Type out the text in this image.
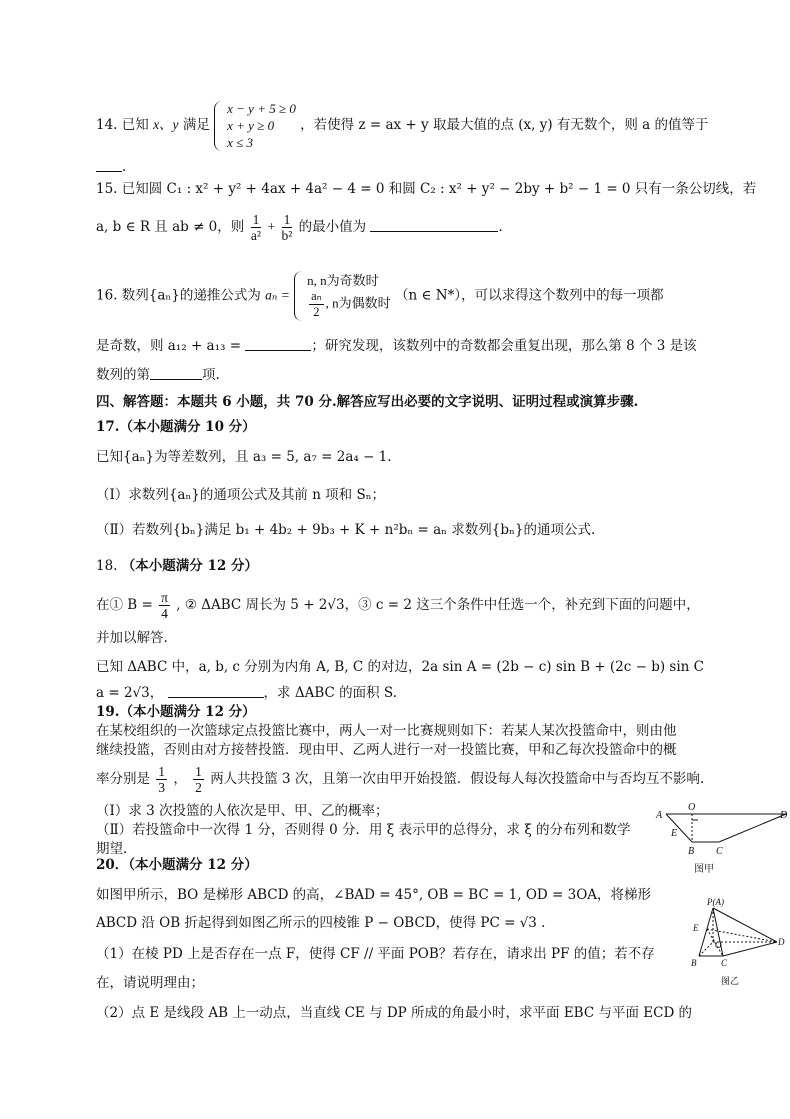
14. 已知 x、y 满足
x − y + 5 ≥ 0
x + y ≥ 0
x ≤ 3
，若使得 z = ax + y 取最大值的点 (x, y) 有无数个，则 a 的值等于
.
15. 已知圆 C₁ : x² + y² + 4ax + 4a² − 4 = 0 和圆 C₂ : x² + y² − 2by + b² − 1 = 0 只有一条公切线，若
a, b ∈ R 且 ab ≠ 0，则 $\frac{1}{\text{a²}} + \frac{1}{\text{b²}}$ 的最小值为	.
16. 数列{aₙ}的递推公式为 aₙ =
n, n为奇数时
$\frac{\text{aₙ}}{2}$ , n为偶数时 （n ∈ N*），可以求得这个数列中的每一项都
是奇数，则 a₁₂ + a₁₃ =	；研究发现，该数列中的奇数都会重复出现，那么第 8 个 3 是该
数列的第	项.
四、解答题：本题共 6 小题，共 70 分.解答应写出必要的文字说明、证明过程或演算步骤.
17.（本小题满分 10 分）
已知{aₙ}为等差数列，且 a₃ = 5, a₇ = 2a₄ − 1.
（Ⅰ）求数列{aₙ}的通项公式及其前 n 项和 Sₙ；
（Ⅱ）若数列{bₙ}满足 b₁ + 4b₂ + 9b₃ + K + n²bₙ = aₙ 求数列{bₙ}的通项公式.
18. （本小题满分 12 分）
在① $B = \frac{\pi}{4}$ , ② ΔABC 周长为 5 + 2√3，③ c = 2 这三个条件中任选一个，补充到下面的问题中，
并加以解答.
已知 ΔABC 中，a, b, c 分别为内角 A, B, C 的对边，2a sin A = (2b − c) sin B + (2c − b) sin C
a = 2√3，	，求 ΔABC 的面积 S.
19.（本小题满分 12 分）
在某校组织的一次篮球定点投篮比赛中，两人一对一比赛规则如下：若某人某次投篮命中，则由他
继续投篮，否则由对方接替投篮．现由甲、乙两人进行一对一投篮比赛，甲和乙每次投篮命中的概
率分别是 $\frac{1}{3}$ ， $\frac{1}{2}$ 两人共投篮 3 次，且第一次由甲开始投篮．假设每人每次投篮命中与否均互不影响.
（Ⅰ）求 3 次投篮的人依次是甲、甲、乙的概率；
（Ⅱ）若投篮命中一次得 1 分，否则得 0 分．用 ξ 表示甲的总得分，求 ξ 的分布列和数学
期望．
20．（本小题满分 12 分）
如图甲所示，BO 是梯形 ABCD 的高，∠BAD = 45°, OB = BC = 1, OD = 3OA，将梯形
ABCD 沿 OB 折起得到如图乙所示的四棱锥 P − OBCD，使得 PC = √3 .
（1）在棱 PD 上是否存在一点 F，使得 CF // 平面 POB？若存在，请求出 PF 的值；若不存
在，请说明理由；
（2）点 E 是线段 AB 上一动点，当直线 CE 与 DP 所成的角最小时，求平面 EBC 与平面 ECD 的
A
O
D
E
B C
图甲
P(A)
E
O	D
B	C
图乙
